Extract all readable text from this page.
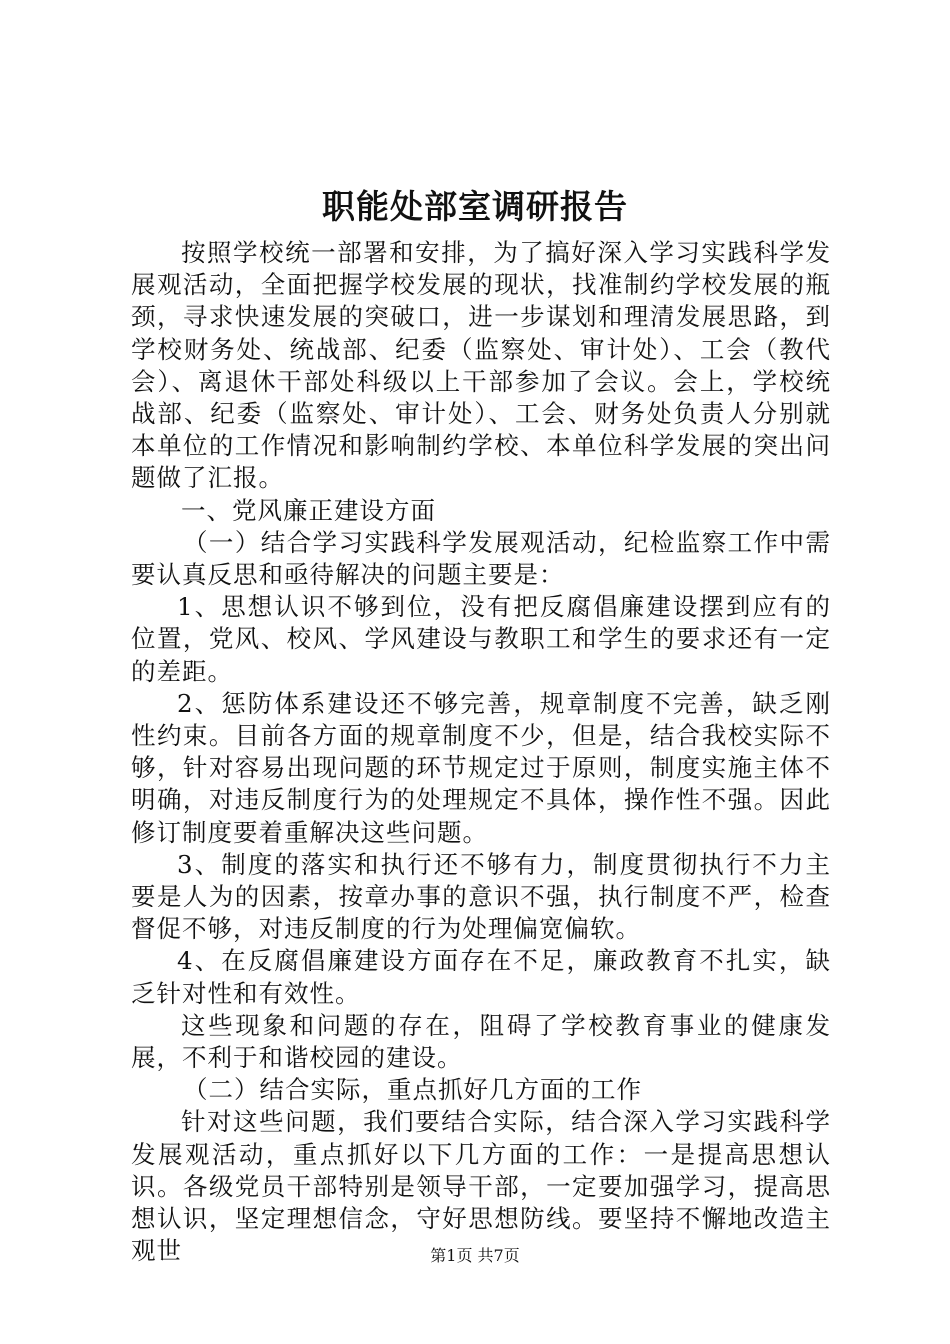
职能处部室调研报告

按照学校统一部署和安排，为了搞好深入学习实践科学发展观活动，全面把握学校发展的现状，找准制约学校发展的瓶颈，寻求快速发展的突破口，进一步谋划和理清发展思路，到学校财务处、统战部、纪委（监察处、审计处）、工会（教代会）、离退休干部处科级以上干部参加了会议。会上，学校统战部、纪委（监察处、审计处）、工会、财务处负责人分别就本单位的工作情况和影响制约学校、本单位科学发展的突出问题做了汇报。

一、党风廉正建设方面

（一）结合学习实践科学发展观活动，纪检监察工作中需要认真反思和亟待解决的问题主要是：

1、思想认识不够到位，没有把反腐倡廉建设摆到应有的位置，党风、校风、学风建设与教职工和学生的要求还有一定的差距。

2、惩防体系建设还不够完善，规章制度不完善，缺乏刚性约束。目前各方面的规章制度不少，但是，结合我校实际不够，针对容易出现问题的环节规定过于原则，制度实施主体不明确，对违反制度行为的处理规定不具体，操作性不强。因此修订制度要着重解决这些问题。

3、制度的落实和执行还不够有力，制度贯彻执行不力主要是人为的因素，按章办事的意识不强，执行制度不严，检查督促不够，对违反制度的行为处理偏宽偏软。

4、在反腐倡廉建设方面存在不足，廉政教育不扎实，缺乏针对性和有效性。

这些现象和问题的存在，阻碍了学校教育事业的健康发展，不利于和谐校园的建设。

（二）结合实际，重点抓好几方面的工作

针对这些问题，我们要结合实际，结合深入学习实践科学发展观活动，重点抓好以下几方面的工作：一是提高思想认识。各级党员干部特别是领导干部，一定要加强学习，提高思想认识，坚定理想信念，守好思想防线。要坚持不懈地改造主观世	第1页 共7页
